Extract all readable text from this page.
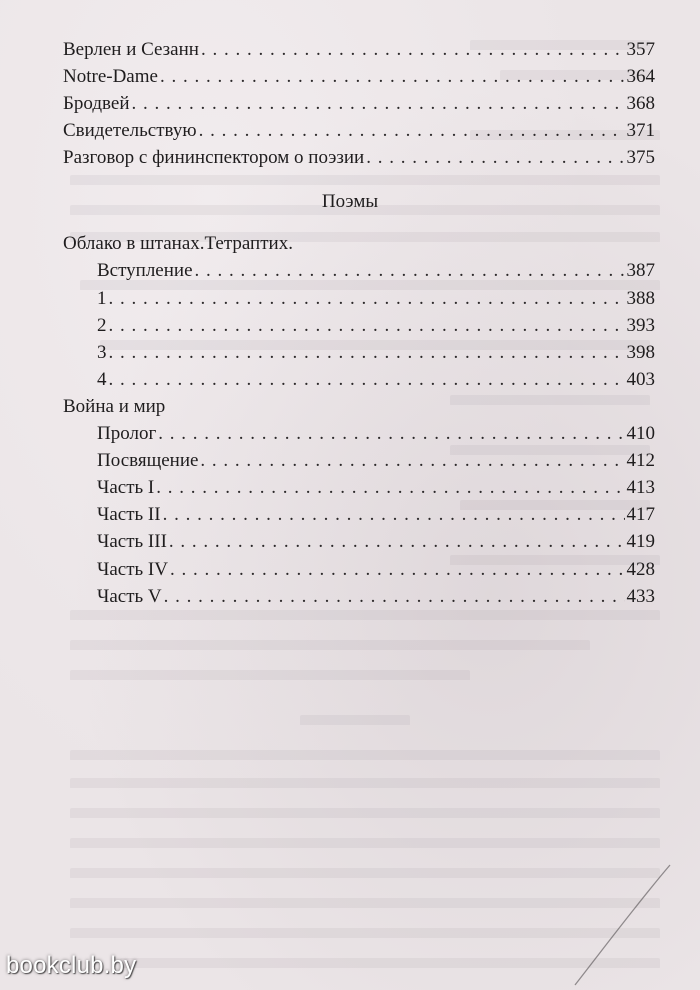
Верлен и Сезанн . . .	357
Notre-Dame . . .	364
Бродвей . . .	368
Свидетельствую . . .	371
Разговор с фининспектором о поэзии . . .	375
Поэмы
Облако в штанах.Тетраптих.
Вступление . . .	387
1 . . .	388
2 . . .	393
3 . . .	398
4 . . .	403
Война и мир
Пролог . . .	410
Посвящение . . .	412
Часть I . . .	413
Часть II . . .	417
Часть III . . .	419
Часть IV . . .	428
Часть V . . .	433
bookclub.by
